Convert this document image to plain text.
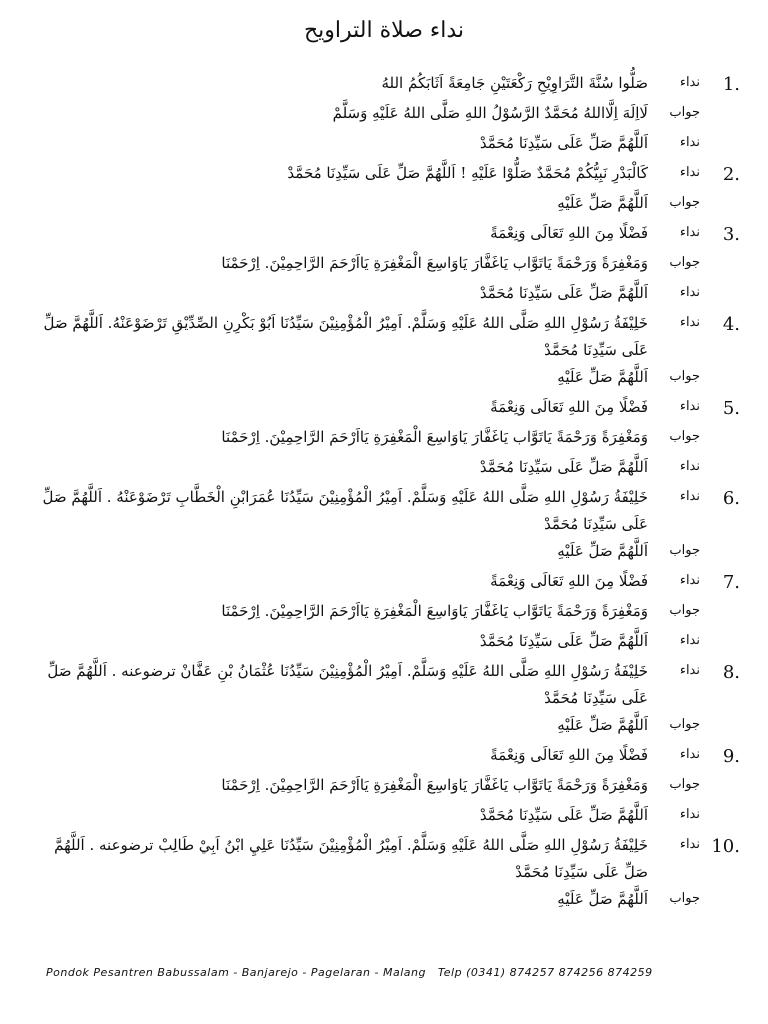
نداء صلاة التراويح
1.
نداء
صَلُّوا سُنَّةَ التَّرَاوِيْحِ رَكْعَتَيْنِ جَامِعَةً اَثَابَكُمُ اللهُ
جواب
لَااِلَهَ اِلَّااللهُ مُحَمَّدٌ الرَّسُوْلُ اللهِ صَلَّى اللهُ عَلَيْهِ وَسَلَّمْ
نداء
اَللَّهُمَّ صَلِّ عَلَى سَيِّدِنَا مُحَمَّدْ
2.
نداء
كَالْبَدْرِ نَبِيُّكُمْ مُحَمَّدٌ صَلُّوْا عَلَيْهِ ! اَللَّهُمَّ صَلِّ عَلَى سَيِّدِنَا مُحَمَّدْ
جواب
اَللَّهُمَّ صَلِّ عَلَيْهِ
3.
نداء
فَضْلًا مِنَ اللهِ تَعَالَى وَنِعْمَةً
جواب
وَمَغْفِرَةً وَرَحْمَةً يَاتَوَّاب يَاغَفَّارَ يَاوَاسِعَ الْمَغْفِرَةِ يَااَرْحَمَ الرَّاحِمِيْنَ. اِرْحَمْنَا
نداء
اَللَّهُمَّ صَلِّ عَلَى سَيِّدِنَا مُحَمَّدْ
4.
نداء
خَلِيْفَةُ رَسُوْلِ اللهِ صَلَّى اللهُ عَلَيْهِ وَسَلَّمْ. اَمِيْرُ الْمُؤْمِنِيْنَ سَيِّدُنَا اَبُوْ بَكْرِنِ الصِّدِّيْقِ تَرْضَوْعَنْهُ. اَللَّهُمَّ صَلِّ عَلَى سَيِّدِنَا مُحَمَّدْ
جواب
اَللَّهُمَّ صَلِّ عَلَيْهِ
5.
نداء
فَضْلًا مِنَ اللهِ تَعَالَى وَنِعْمَةً
جواب
وَمَغْفِرَةً وَرَحْمَةً يَاتَوَّاب يَاغَفَّارَ يَاوَاسِعَ الْمَغْفِرَةِ يَااَرْحَمَ الرَّاحِمِيْنَ. اِرْحَمْنَا
نداء
اَللَّهُمَّ صَلِّ عَلَى سَيِّدِنَا مُحَمَّدْ
6.
نداء
خَلِيْفَةُ رَسُوْلِ اللهِ صَلَّى اللهُ عَلَيْهِ وَسَلَّمْ. اَمِيْرُ الْمُؤْمِنِيْنَ سَيِّدُنَا عُمَرَابْنِ الْخَطَّابِ تَرْضَوْعَنْهُ . اَللَّهُمَّ صَلِّ عَلَى سَيِّدِنَا مُحَمَّدْ
جواب
اَللَّهُمَّ صَلِّ عَلَيْهِ
7.
نداء
فَضْلًا مِنَ اللهِ تَعَالَى وَنِعْمَةً
جواب
وَمَغْفِرَةً وَرَحْمَةً يَاتَوَّاب يَاغَفَّارَ يَاوَاسِعَ الْمَغْفِرَةِ يَااَرْحَمَ الرَّاحِمِيْنَ. اِرْحَمْنَا
نداء
اَللَّهُمَّ صَلِّ عَلَى سَيِّدِنَا مُحَمَّدْ
8.
نداء
خَلِيْفَةُ رَسُوْلِ اللهِ صَلَّى اللهُ عَلَيْهِ وَسَلَّمْ. اَمِيْرُ الْمُؤْمِنِيْنَ سَيِّدُنَا عُثْمَانُ بْنِ عَفَّانْ ترضوعنه . اَللَّهُمَّ صَلِّ عَلَى سَيِّدِنَا مُحَمَّدْ
جواب
اَللَّهُمَّ صَلِّ عَلَيْهِ
9.
نداء
فَضْلًا مِنَ اللهِ تَعَالَى وَنِعْمَةً
جواب
وَمَغْفِرَةً وَرَحْمَةً يَاتَوَّاب يَاغَفَّارَ يَاوَاسِعَ الْمَغْفِرَةِ يَااَرْحَمَ الرَّاحِمِيْنَ. اِرْحَمْنَا
نداء
اَللَّهُمَّ صَلِّ عَلَى سَيِّدِنَا مُحَمَّدْ
10.
نداء
خَلِيْفَةُ رَسُوْلِ اللهِ صَلَّى اللهُ عَلَيْهِ وَسَلَّمْ. اَمِيْرُ الْمُؤْمِنِيْنَ سَيِّدُنَا عَلِيِ ابْنُ اَبِيْ طَالِبْ ترضوعنه . اَللَّهُمَّ صَلِّ عَلَى سَيِّدِنَا مُحَمَّدْ
جواب
اَللَّهُمَّ صَلِّ عَلَيْهِ
Pondok Pesantren Babussalam - Banjarejo - Pagelaran - Malang   Telp (0341) 874257 874256 874259
